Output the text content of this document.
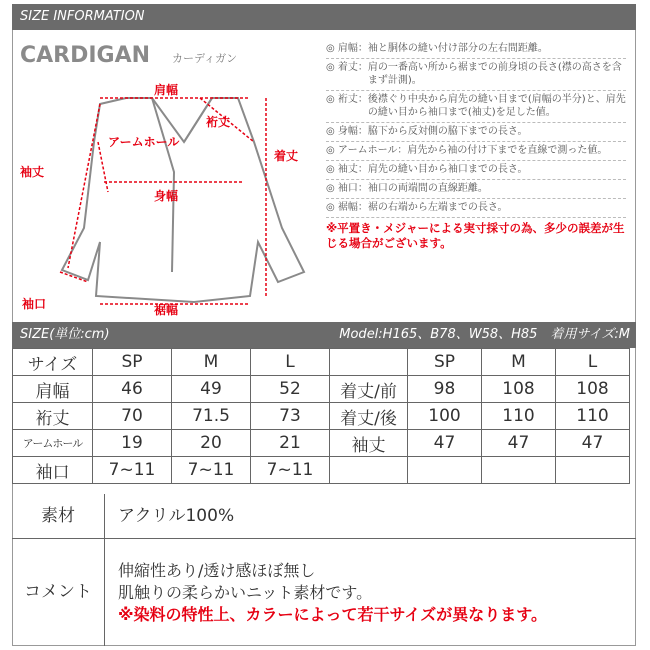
SIZE INFORMATION
CARDIGAN カーディガン
肩幅
裄丈
アームホール
着丈
袖丈
身幅
袖口	裾幅
◎ 肩幅： 袖と胴体の縫い付け部分の左右間距離。
◎ 着丈： 肩の一番高い所から裾までの前身頃の長さ(襟の高さを含まず計測)。
◎ 裄丈： 後襟ぐり中央から肩先の縫い目まで(肩幅の半分)と、肩先の縫い目から袖口まで(袖丈)を足した値。
◎ 身幅： 脇下から反対側の脇下までの長さ。
◎ アームホール： 肩先から袖の付け下までを直線で測った値。
◎ 袖丈： 肩先の縫い目から袖口までの長さ。
◎ 袖口： 袖口の両端間の直線距離。
◎ 裾幅： 裾の右端から左端までの長さ。
※平置き・メジャーによる実寸採寸の為、多少の誤差が生じる場合がございます。
SIZE(単位:cm)	Model:H165、B78、W58、H85　着用サイズ:M
サイズ	SP	M	L		SP	M	L
肩幅	46	49	52	着丈/前	98	108	108
裄丈	70	71.5	73	着丈/後	100	110	110
アームホール	19	20	21	袖丈	47	47	47
袖口	7~11	7~11	7~11				
素材	アクリル100%
コメント
伸縮性あり/透け感ほぼ無し
肌触りの柔らかいニット素材です。
※染料の特性上、カラーによって若干サイズが異なります。
